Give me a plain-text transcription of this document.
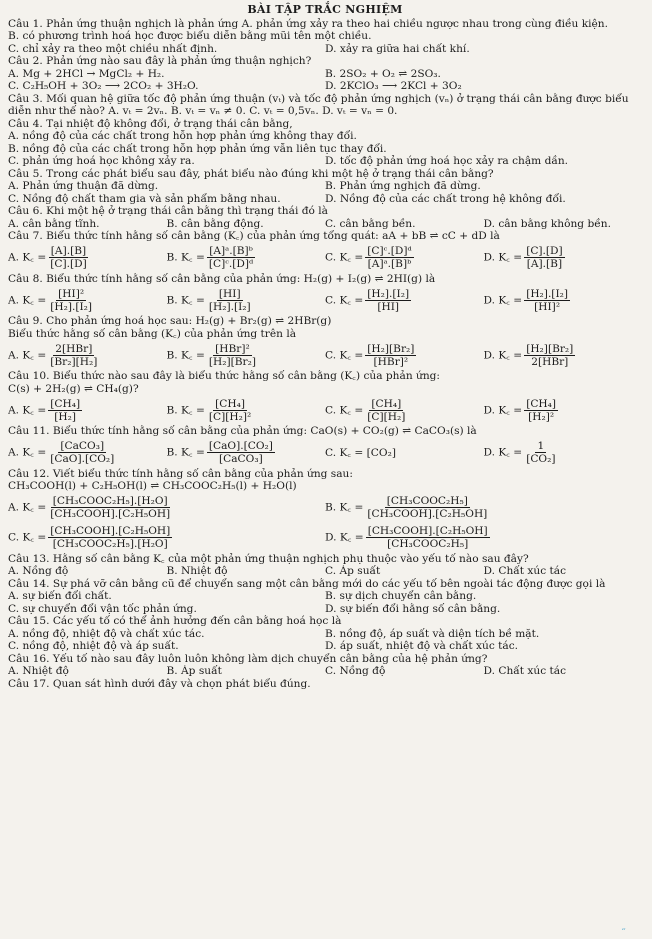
BÀI TẬP TRẮC NGHIỆM
Câu 1. Phản ứng thuận nghịch là phản ứng A. phản ứng xảy ra theo hai chiều ngược nhau trong cùng điều kiện.
B. có phương trình hoá học được biểu diễn bằng mũi tên một chiều.
C. chỉ xảy ra theo một chiều nhất định.	D. xảy ra giữa hai chất khí.
Câu 2. Phản ứng nào sau đây là phản ứng thuận nghịch?
A. Mg + 2HCl → MgCl₂ + H₂.	B. 2SO₂ + O₂ ⇌ 2SO₃.
C. C₂H₅OH + 3O₂ ⟶ 2CO₂ + 3H₂O.	D. 2KClO₃ ⟶ 2KCl + 3O₂
Câu 3. Mối quan hệ giữa tốc độ phản ứng thuận (vₜ) và tốc độ phản ứng nghịch (vₙ) ở trạng thái cân bằng được biểu
diễn như thế nào? A. vₜ = 2vₙ. B. vₜ = vₙ ≠ 0. C. vₜ = 0,5vₙ. D. vₜ = vₙ = 0.
Câu 4. Tại nhiệt độ không đổi, ở trạng thái cân bằng,
A. nồng độ của các chất trong hỗn hợp phản ứng không thay đổi.
B. nồng độ của các chất trong hỗn hợp phản ứng vẫn liên tục thay đổi.
C. phản ứng hoá học không xảy ra.	D. tốc độ phản ứng hoá học xảy ra chậm dần.
Câu 5. Trong các phát biểu sau đây, phát biểu nào đúng khi một hệ ở trạng thái cân bằng?
A. Phản ứng thuận đã dừng.	B. Phản ứng nghịch đã dừng.
C. Nồng độ chất tham gia và sản phẩm bằng nhau.	D. Nồng độ của các chất trong hệ không đổi.
Câu 6. Khi một hệ ở trạng thái cân bằng thì trạng thái đó là
A. cân bằng tĩnh.	B. cân bằng động.	C. cân bằng bền.	D. cân bằng không bền.
Câu 7. Biểu thức tính hằng số cân bằng (K꜀) của phản ứng tổng quát: aA + bB ⇌ cC + dD là
A. K꜀ = $\frac{[A].[B]}{[C].[D]}$	B. K꜀ = $\frac{\text{[A]ᵃ.[B]ᵇ}}{\text{[C]ᶜ.[D]ᵈ}}$	C. K꜀ = $\frac{\text{[C]ᶜ.[D]ᵈ}}{\text{[A]ᵃ.[B]ᵇ}}$	D. K꜀ = $\frac{[C].[D]}{[A].[B]}$
Câu 8. Biểu thức tính hằng số cân bằng của phản ứng: H₂(g) + I₂(g) ⇌ 2HI(g) là
A. K꜀ = $\frac{\text{[HI]²}}{\text{[H₂].[I₂]}}$	B. K꜀ = $\frac{[HI]}{\text{[H₂].[I₂]}}$	C. K꜀ = $\frac{\text{[H₂].[I₂]}}{[HI]}$	D. K꜀ = $\frac{\text{[H₂].[I₂]}}{\text{[HI]²}}$
Câu 9. Cho phản ứng hoá học sau: H₂(g) + Br₂(g) ⇌ 2HBr(g)
Biểu thức hằng số cân bằng (K꜀) của phản ứng trên là
A. K꜀ = $\frac{\text{2[HBr]}}{\text{[Br₂][H₂]}}$	B. K꜀ = $\frac{\text{[HBr]²}}{\text{[H₂][Br₂]}}$	C. K꜀ = $\frac{\text{[H₂][Br₂]}}{\text{[HBr]²}}$	D. K꜀ = $\frac{\text{[H₂][Br₂]}}{\text{2[HBr]}}$
Câu 10. Biểu thức nào sau đây là biểu thức hằng số cân bằng (K꜀) của phản ứng:
C(s) + 2H₂(g) ⇌ CH₄(g)?
A. K꜀ = $\frac{\text{[CH₄]}}{\text{[H₂]}}$	B. K꜀ = $\frac{\text{[CH₄]}}{\text{[C][H₂]²}}$	C. K꜀ = $\frac{\text{[CH₄]}}{\text{[C][H₂]}}$	D. K꜀ = $\frac{\text{[CH₄]}}{\text{[H₂]²}}$
Câu 11. Biểu thức tính hằng số cân bằng của phản ứng: CaO(s) + CO₂(g) ⇌ CaCO₃(s) là
A. K꜀ = $\frac{\text{[CaCO₃]}}{\text{[CaO].[CO₂]}}$	B. K꜀ = $\frac{\text{[CaO].[CO₂]}}{\text{[CaCO₃]}}$	C. K꜀ = [CO₂]	D. K꜀ = $\frac{1}{\text{[CO₂]}}$
Câu 12. Viết biểu thức tính hằng số cân bằng của phản ứng sau:
CH₃COOH(l) + C₂H₅OH(l) ⇌ CH₃COOC₂H₅(l) + H₂O(l)
A. K꜀ = $\frac{\text{[CH₃COOC₂H₅].[H₂O]}}{\text{[CH₃COOH].[C₂H₅OH]}}$	B. K꜀ = $\frac{\text{[CH₃COOC₂H₅]}}{\text{[CH₃COOH].[C₂H₅OH]}}$
C. K꜀ = $\frac{\text{[CH₃COOH].[C₂H₅OH]}}{\text{[CH₃COOC₂H₅].[H₂O]}}$	D. K꜀ = $\frac{\text{[CH₃COOH].[C₂H₅OH]}}{\text{[CH₃COOC₂H₅]}}$
Câu 13. Hằng số cân bằng K꜀ của một phản ứng thuận nghịch phụ thuộc vào yếu tố nào sau đây?
A. Nồng độ	B. Nhiệt độ	C. Áp suất	D. Chất xúc tác
Câu 14. Sự phá vỡ cân bằng cũ để chuyển sang một cân bằng mới do các yếu tố bên ngoài tác động được gọi là
A. sự biến đổi chất.	B. sự dịch chuyển cân bằng.
C. sự chuyển đổi vận tốc phản ứng.	D. sự biến đổi hằng số cân bằng.
Câu 15. Các yếu tố có thể ảnh hưởng đến cân bằng hoá học là
A. nồng độ, nhiệt độ và chất xúc tác.	B. nồng độ, áp suất và diện tích bề mặt.
C. nồng độ, nhiệt độ và áp suất.	D. áp suất, nhiệt độ và chất xúc tác.
Câu 16. Yếu tố nào sau đây luôn luôn không làm dịch chuyển cân bằng của hệ phản ứng?
A. Nhiệt độ	B. Áp suất	C. Nồng độ	D. Chất xúc tác
Câu 17. Quan sát hình dưới đây và chọn phát biểu đúng.
˶
